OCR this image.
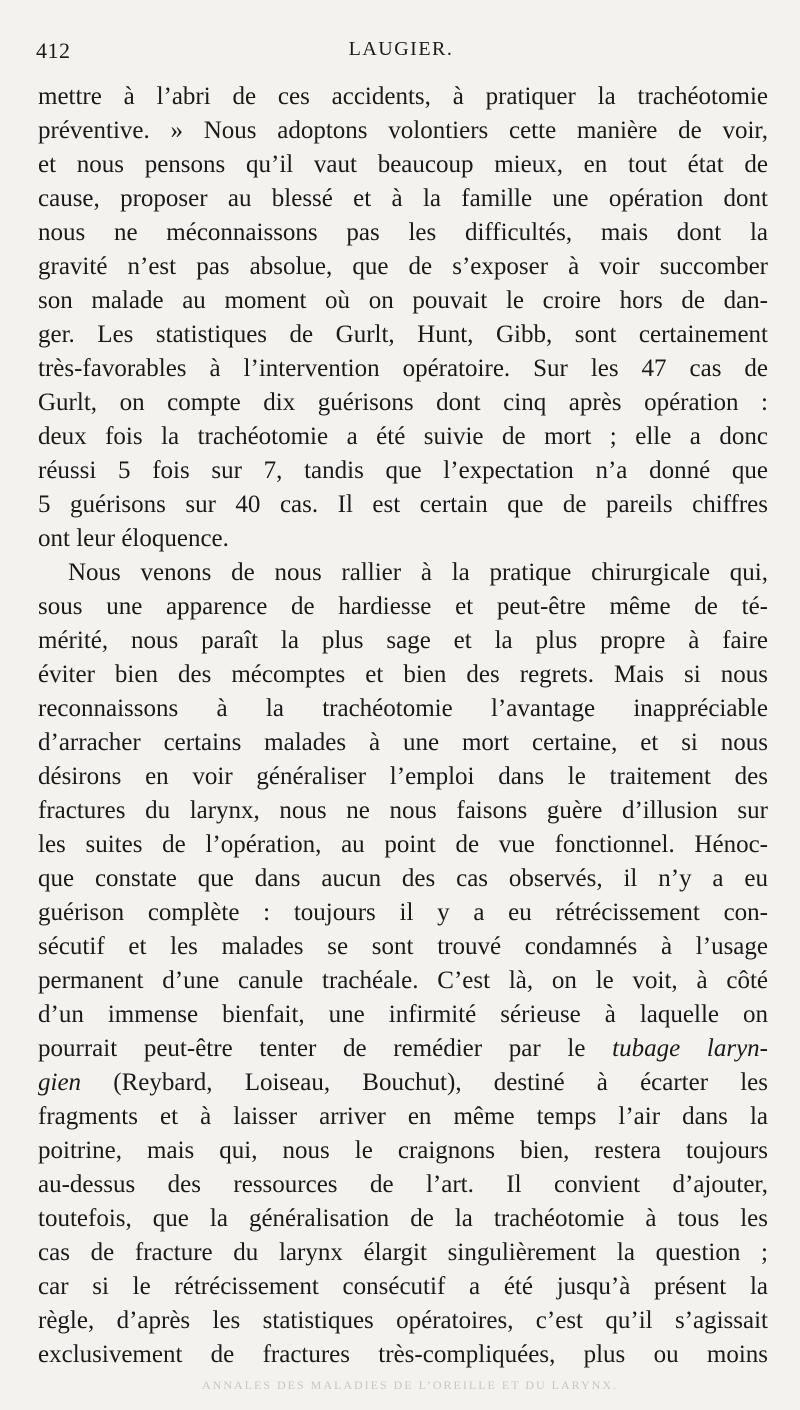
412	LAUGIER.
mettre à l’abri de ces accidents, à pratiquer la trachéotomie
préventive. » Nous adoptons volontiers cette manière de voir,
et nous pensons qu’il vaut beaucoup mieux, en tout état de
cause, proposer au blessé et à la famille une opération dont
nous ne méconnaissons pas les difficultés, mais dont la
gravité n’est pas absolue, que de s’exposer à voir succomber
son malade au moment où on pouvait le croire hors de dan-
ger. Les statistiques de Gurlt, Hunt, Gibb, sont certainement
très-favorables à l’intervention opératoire. Sur les 47 cas de
Gurlt, on compte dix guérisons dont cinq après opération :
deux fois la trachéotomie a été suivie de mort ; elle a donc
réussi 5 fois sur 7, tandis que l’expectation n’a donné que
5 guérisons sur 40 cas. Il est certain que de pareils chiffres
ont leur éloquence.
Nous venons de nous rallier à la pratique chirurgicale qui,
sous une apparence de hardiesse et peut-être même de té-
mérité, nous paraît la plus sage et la plus propre à faire
éviter bien des mécomptes et bien des regrets. Mais si nous
reconnaissons à la trachéotomie l’avantage inappréciable
d’arracher certains malades à une mort certaine, et si nous
désirons en voir généraliser l’emploi dans le traitement des
fractures du larynx, nous ne nous faisons guère d’illusion sur
les suites de l’opération, au point de vue fonctionnel. Hénoc-
que constate que dans aucun des cas observés, il n’y a eu
guérison complète : toujours il y a eu rétrécissement con-
sécutif et les malades se sont trouvé condamnés à l’usage
permanent d’une canule trachéale. C’est là, on le voit, à côté
d’un immense bienfait, une infirmité sérieuse à laquelle on
pourrait peut-être tenter de remédier par le tubage laryn-
gien (Reybard, Loiseau, Bouchut), destiné à écarter les
fragments et à laisser arriver en même temps l’air dans la
poitrine, mais qui, nous le craignons bien, restera toujours
au-dessus des ressources de l’art. Il convient d’ajouter,
toutefois, que la généralisation de la trachéotomie à tous les
cas de fracture du larynx élargit singulièrement la question ;
car si le rétrécissement consécutif a été jusqu’à présent la
règle, d’après les statistiques opératoires, c’est qu’il s’agissait
exclusivement de fractures très-compliquées, plus ou moins
ANNALES DES MALADIES DE L’OREILLE ET DU LARYNX.
